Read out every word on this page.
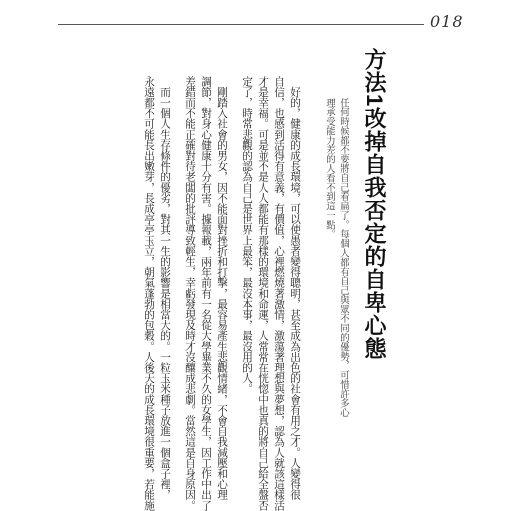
018
方法1改掉自我否定的自卑心態
任何時候都不要將自己看扁了。每個人都有自己與眾不同的優勢，可惜許多心
理承受能力差的人看不到這一點。
　好的，健康的成長環境，可以使愚者變得聰明，甚至成為出色的社會有用之才。人變得很
自信，也感到活得有意義，有價值，心裡燃燒著激情，激蕩著理想與夢想，認為人就該這樣活
才是幸福。可是並不是人人都能有那樣的環境和命運，人常常在恍惚中也真的將自己給全盤否
定了，時常悲觀的認為自己是世界上最笨，最沒本事，最沒用的人。
　剛踏入社會的男女，因不能面對挫折和打擊，最容易產生悲觀情緒，不會自我減壓和心理
調節，對身心健康十分有害。據報載，兩年前有一名從大學畢業不久的女學生，因工作中出了
差錯而不能正確對待老闆的批評導致輕生，幸虧發現及時才沒釀成悲劇。當然這是自身原因。
　而一個人生存條件的優劣，對其一生的影響是相當大的。一粒玉米種子放進一個盒子裡，
永遠都不可能長出嫩芽，長成亭亭玉立，朝氣蓬勃的包穀。人後天的成長環境很重要，若能施
